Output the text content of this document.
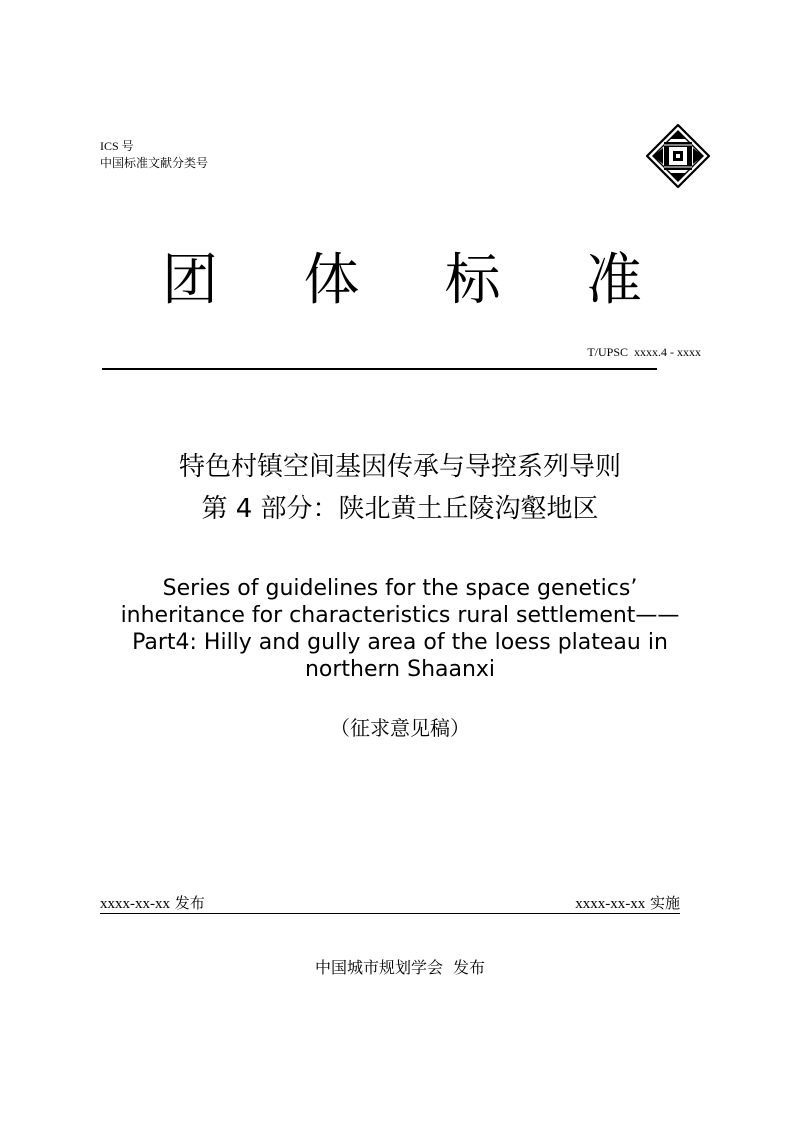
ICS 号
中国标准文献分类号
团 体 标 准
T/UPSC  xxxx.4 - xxxx
特色村镇空间基因传承与导控系列导则
第 4 部分：陕北黄土丘陵沟壑地区
Series of guidelines for the space genetics’
inheritance for characteristics rural settlement——
Part4: Hilly and gully area of the loess plateau in
northern Shaanxi
（征求意见稿）
xxxx-xx-xx 发布	xxxx-xx-xx 实施
中国城市规划学会 发布
